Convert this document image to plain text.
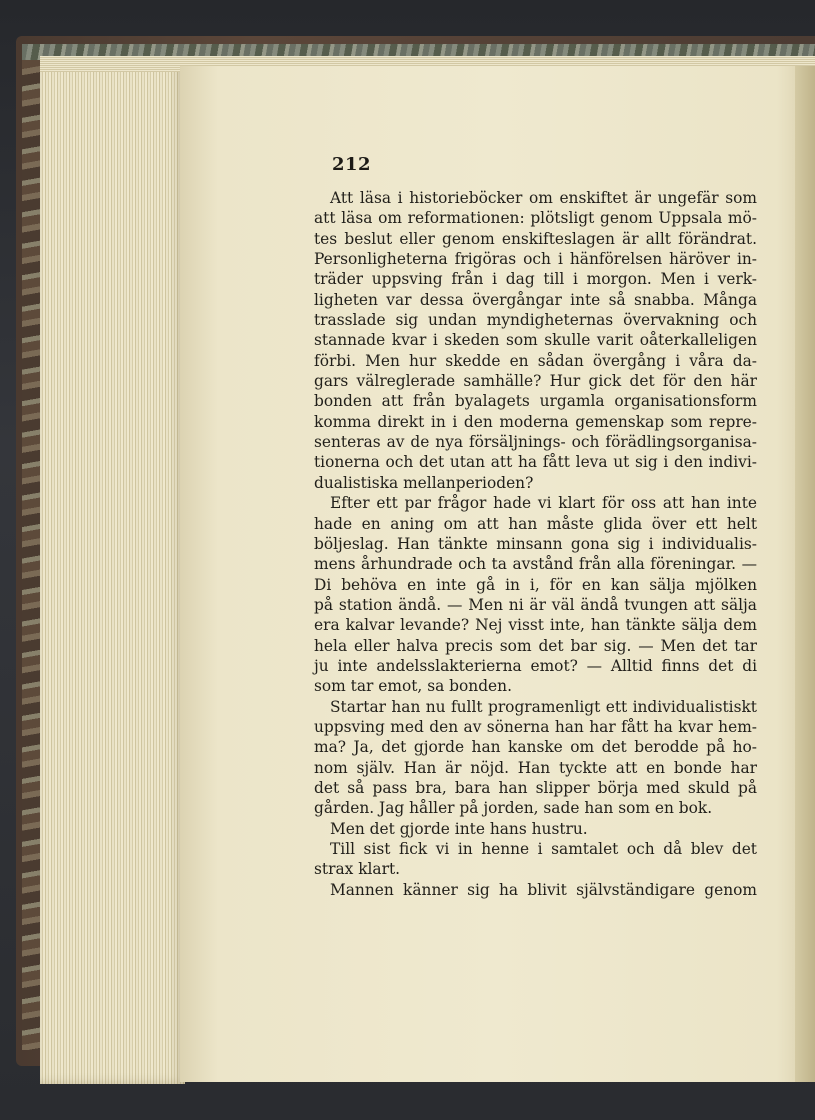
212
Att läsa i historieböcker om enskiftet är ungefär som
att läsa om reformationen: plötsligt genom Uppsala mö-
tes beslut eller genom enskifteslagen är allt förändrat.
Personligheterna frigöras och i hänförelsen häröver in-
träder uppsving från i dag till i morgon. Men i verk-
ligheten var dessa övergångar inte så snabba. Många
trasslade sig undan myndigheternas övervakning och
stannade kvar i skeden som skulle varit oåterkalleligen
förbi. Men hur skedde en sådan övergång i våra da-
gars välreglerade samhälle? Hur gick det för den här
bonden att från byalagets urgamla organisationsform
komma direkt in i den moderna gemenskap som repre-
senteras av de nya försäljnings- och förädlingsorganisa-
tionerna och det utan att ha fått leva ut sig i den indivi-
dualistiska mellanperioden?
Efter ett par frågor hade vi klart för oss att han inte
hade en aning om att han måste glida över ett helt
böljeslag. Han tänkte minsann gona sig i individualis-
mens århundrade och ta avstånd från alla föreningar. —
Di behöva en inte gå in i, för en kan sälja mjölken
på station ändå. — Men ni är väl ändå tvungen att sälja
era kalvar levande? Nej visst inte, han tänkte sälja dem
hela eller halva precis som det bar sig. — Men det tar
ju inte andelsslakterierna emot? — Alltid finns det di
som tar emot, sa bonden.
Startar han nu fullt programenligt ett individualistiskt
uppsving med den av sönerna han har fått ha kvar hem-
ma? Ja, det gjorde han kanske om det berodde på ho-
nom själv. Han är nöjd. Han tyckte att en bonde har
det så pass bra, bara han slipper börja med skuld på
gården. Jag håller på jorden, sade han som en bok.
Men det gjorde inte hans hustru.
Till sist fick vi in henne i samtalet och då blev det
strax klart.
Mannen känner sig ha blivit självständigare genom
